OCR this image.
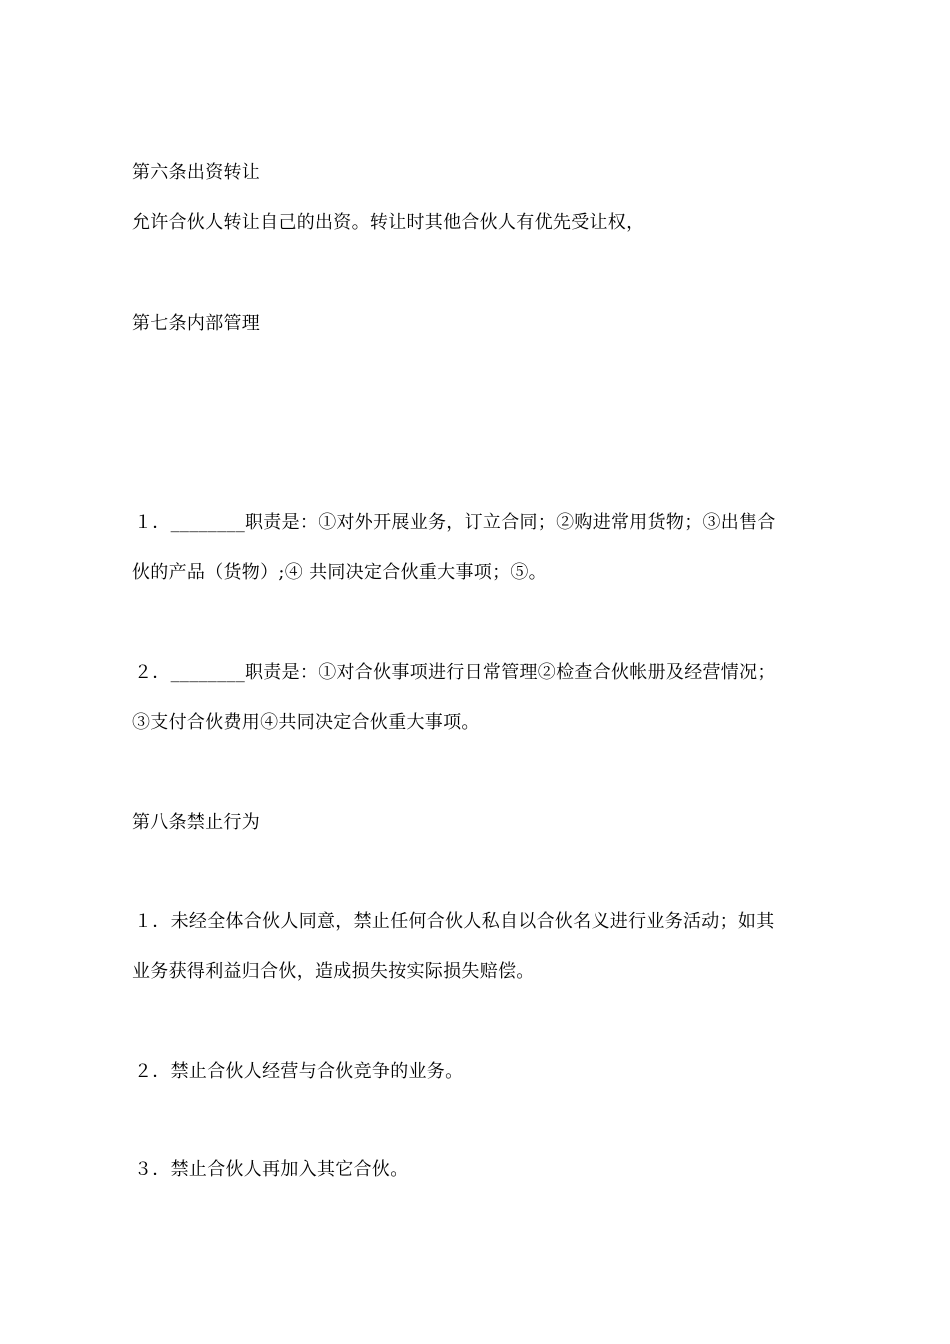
第六条出资转让
允许合伙人转让自己的出资。转让时其他合伙人有优先受让权，
第七条内部管理
１．________职责是：①对外开展业务，订立合同；②购进常用货物；③出售合
伙的产品（货物）;④ 共同决定合伙重大事项；⑤。
２．________职责是：①对合伙事项进行日常管理②检查合伙帐册及经营情况；
③支付合伙费用④共同决定合伙重大事项。
第八条禁止行为
１．未经全体合伙人同意，禁止任何合伙人私自以合伙名义进行业务活动；如其
业务获得利益归合伙，造成损失按实际损失赔偿。
２．禁止合伙人经营与合伙竞争的业务。
３．禁止合伙人再加入其它合伙。
